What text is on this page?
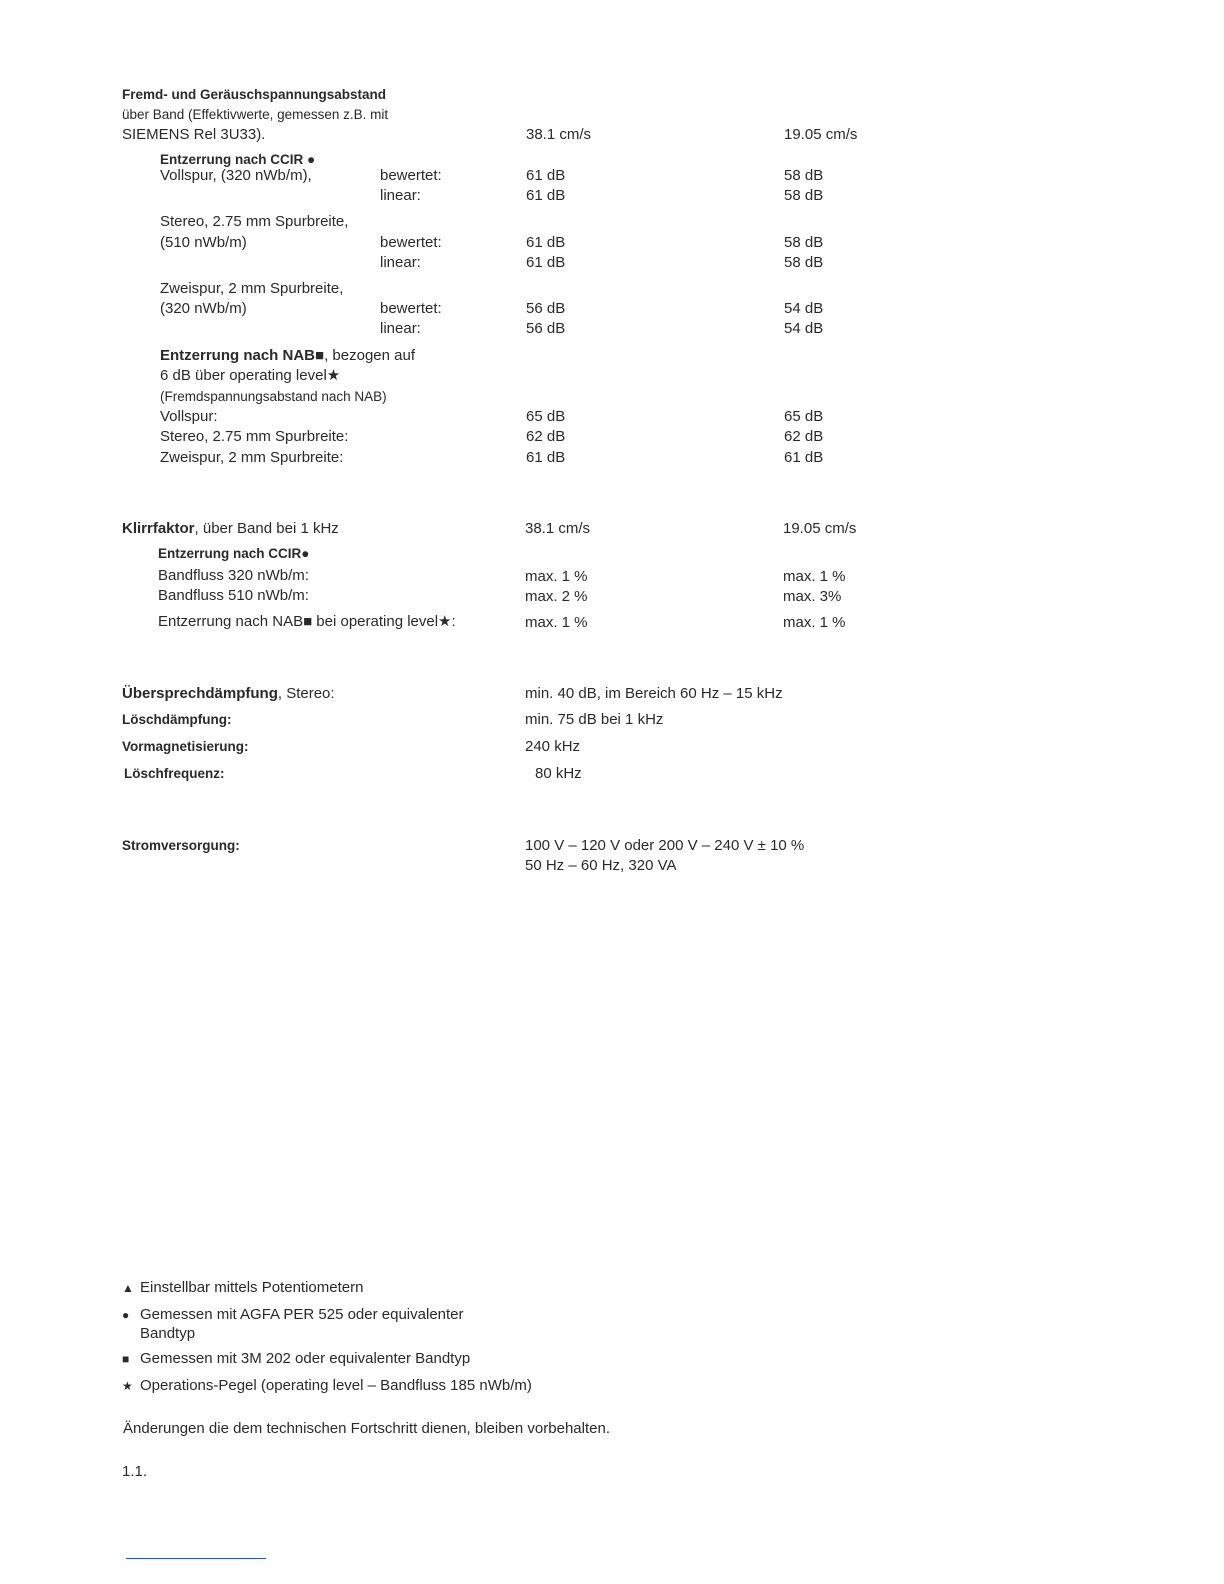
Fremd- und Geräuschspannungsabstand
über Band (Effektivwerte, gemessen z.B. mit
SIEMENS Rel 3U33).	38.1 cm/s	19.05 cm/s
Entzerrung nach CCIR ●
Vollspur, (320 nWb/m),	bewertet:	61 dB	58 dB
linear:	61 dB	58 dB
Stereo, 2.75 mm Spurbreite,
(510 nWb/m)	bewertet:	61 dB	58 dB
linear:	61 dB	58 dB
Zweispur, 2 mm Spurbreite,
(320 nWb/m)	bewertet:	56 dB	54 dB
linear:	56 dB	54 dB
Entzerrung nach NAB■, bezogen auf
6 dB über operating level★
(Fremdspannungsabstand nach NAB)
Vollspur:	65 dB	65 dB
Stereo, 2.75 mm Spurbreite:	62 dB	62 dB
Zweispur, 2 mm Spurbreite:	61 dB	61 dB
Klirrfaktor, über Band bei 1 kHz	38.1 cm/s	19.05 cm/s
Entzerrung nach CCIR●
Bandfluss 320 nWb/m:	max. 1 %	max. 1 %
Bandfluss 510 nWb/m:	max. 2 %	max. 3%
Entzerrung nach NAB■ bei operating level★:	max. 1 %	max. 1 %
Übersprechdämpfung, Stereo:	min. 40 dB, im Bereich 60 Hz – 15 kHz
Löschdämpfung:	min. 75 dB bei 1 kHz
Vormagnetisierung:	240 kHz
Löschfrequenz:	80 kHz
Stromversorgung:	100 V – 120 V oder 200 V – 240 V ± 10 %
50 Hz – 60 Hz, 320 VA
▲ Einstellbar mittels Potentiometern
● Gemessen mit AGFA PER 525 oder equivalenter
Bandtyp
■ Gemessen mit 3M 202 oder equivalenter Bandtyp
★ Operations-Pegel (operating level – Bandfluss 185 nWb/m)
Änderungen die dem technischen Fortschritt dienen, bleiben vorbehalten.
1.1.
